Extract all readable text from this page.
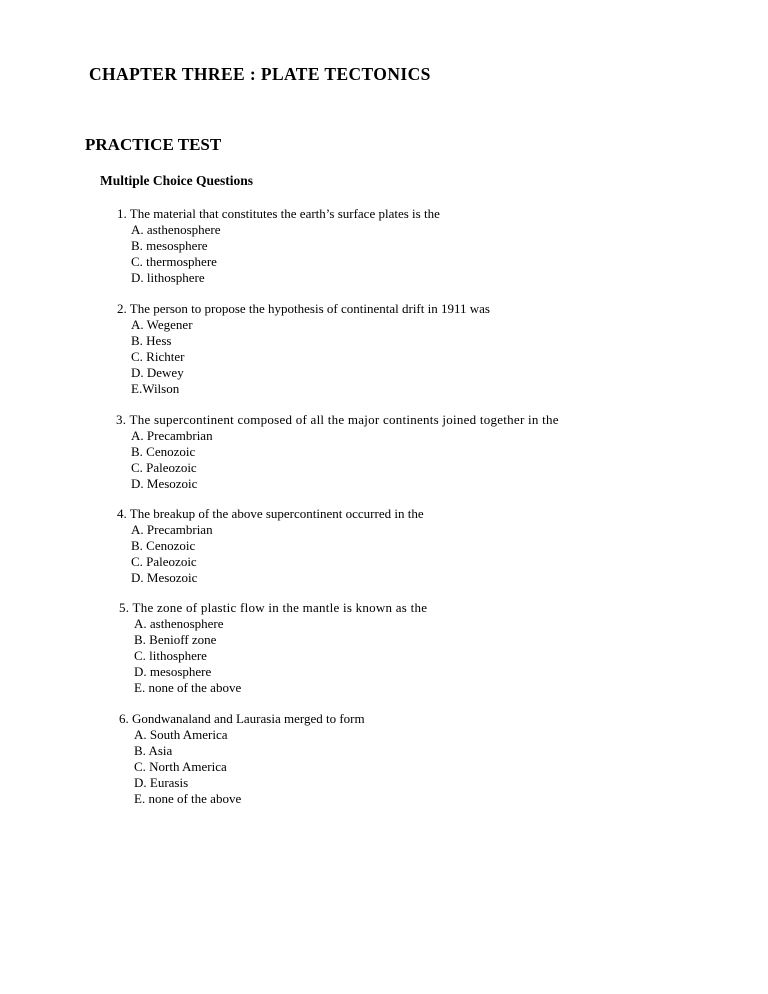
CHAPTER THREE : PLATE TECTONICS
PRACTICE TEST
Multiple Choice Questions
1. The material that constitutes the earth’s surface plates is the
A. asthenosphere
B. mesosphere
C. thermosphere
D. lithosphere
2. The person to propose the hypothesis of continental drift in 1911 was
A. Wegener
B. Hess
C. Richter
D. Dewey
E.Wilson
3. The supercontinent composed of all the major continents joined together in the
A. Precambrian
B. Cenozoic
C. Paleozoic
D. Mesozoic
4. The breakup of the above supercontinent occurred in the
A. Precambrian
B. Cenozoic
C. Paleozoic
D. Mesozoic
5. The zone of plastic flow in the mantle is known as the
A. asthenosphere
B. Benioff zone
C. lithosphere
D. mesosphere
E. none of the above
6. Gondwanaland and Laurasia merged to form
A. South America
B. Asia
C. North America
D. Eurasis
E. none of the above
